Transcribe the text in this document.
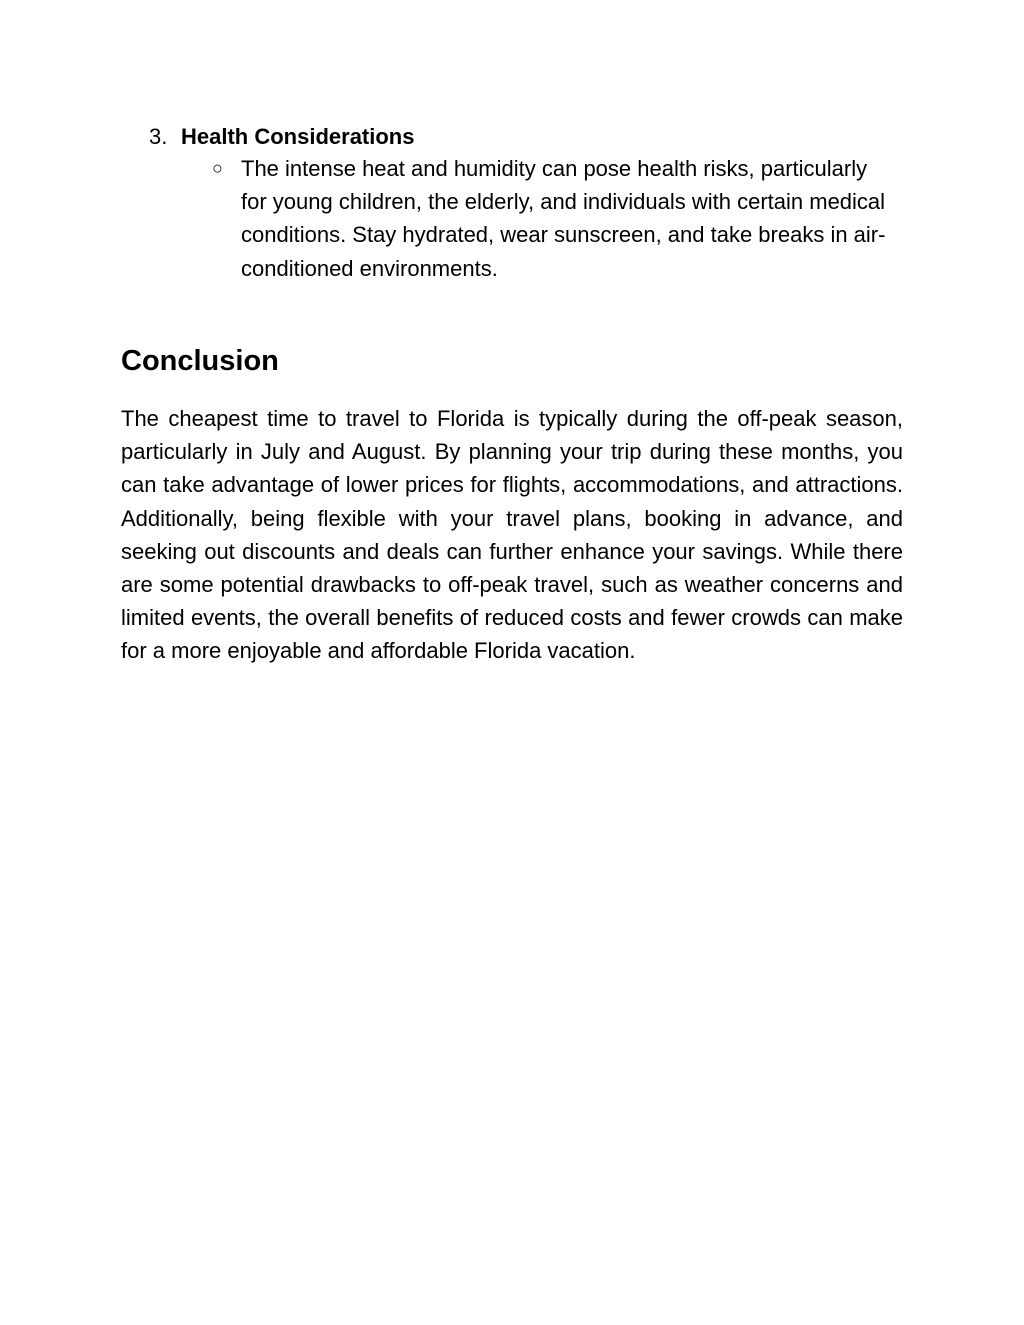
3. Health Considerations
○ The intense heat and humidity can pose health risks, particularly for young children, the elderly, and individuals with certain medical conditions. Stay hydrated, wear sunscreen, and take breaks in air-conditioned environments.
Conclusion

The cheapest time to travel to Florida is typically during the off-peak season, particularly in July and August. By planning your trip during these months, you can take advantage of lower prices for flights, accommodations, and attractions. Additionally, being flexible with your travel plans, booking in advance, and seeking out discounts and deals can further enhance your savings. While there are some potential drawbacks to off-peak travel, such as weather concerns and limited events, the overall benefits of reduced costs and fewer crowds can make for a more enjoyable and affordable Florida vacation.
